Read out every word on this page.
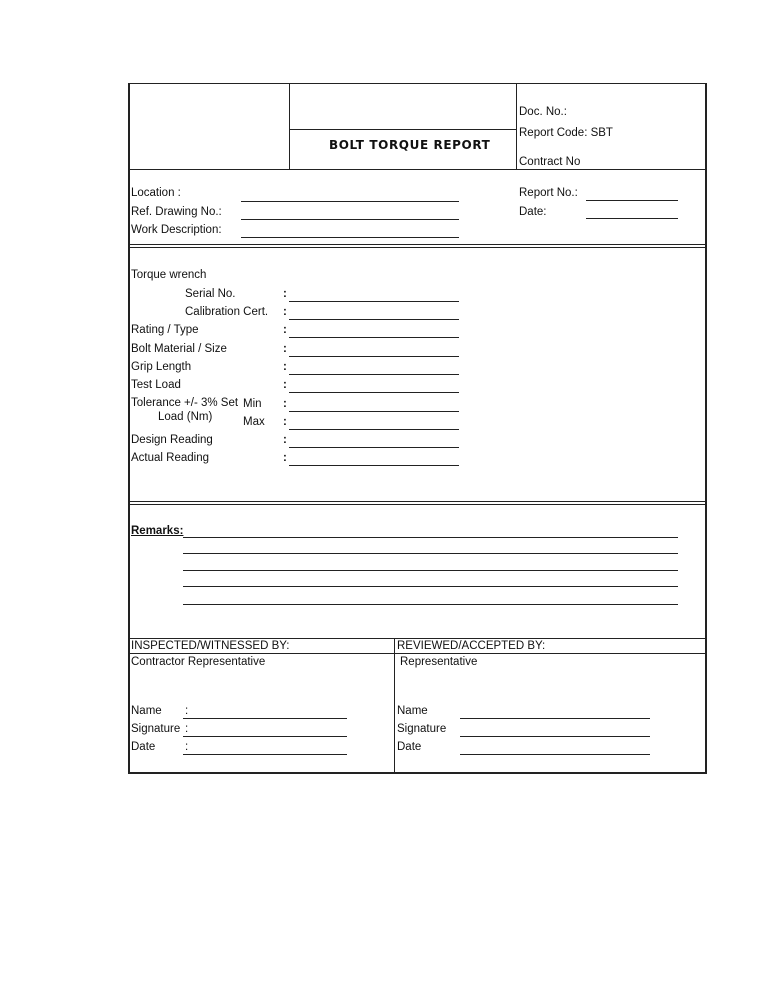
BOLT TORQUE REPORT
Doc. No.:
Report Code: SBT
Contract No
Location :
Ref. Drawing No.:
Work Description:
Report No.:
Date:
Torque wrench
Serial No.	:
Calibration Cert. :
Rating / Type	:
Bolt Material / Size	:
Grip Length	:
Test Load	:
Tolerance +/- 3% Set
Load (Nm)
Min :
Max :
Design Reading	:
Actual Reading	:
Remarks:
INSPECTED/WITNESSED BY:
Contractor Representative
REVIEWED/ACCEPTED BY:
Representative
Name :
Signature :
Date	:
Name
Signature
Date
